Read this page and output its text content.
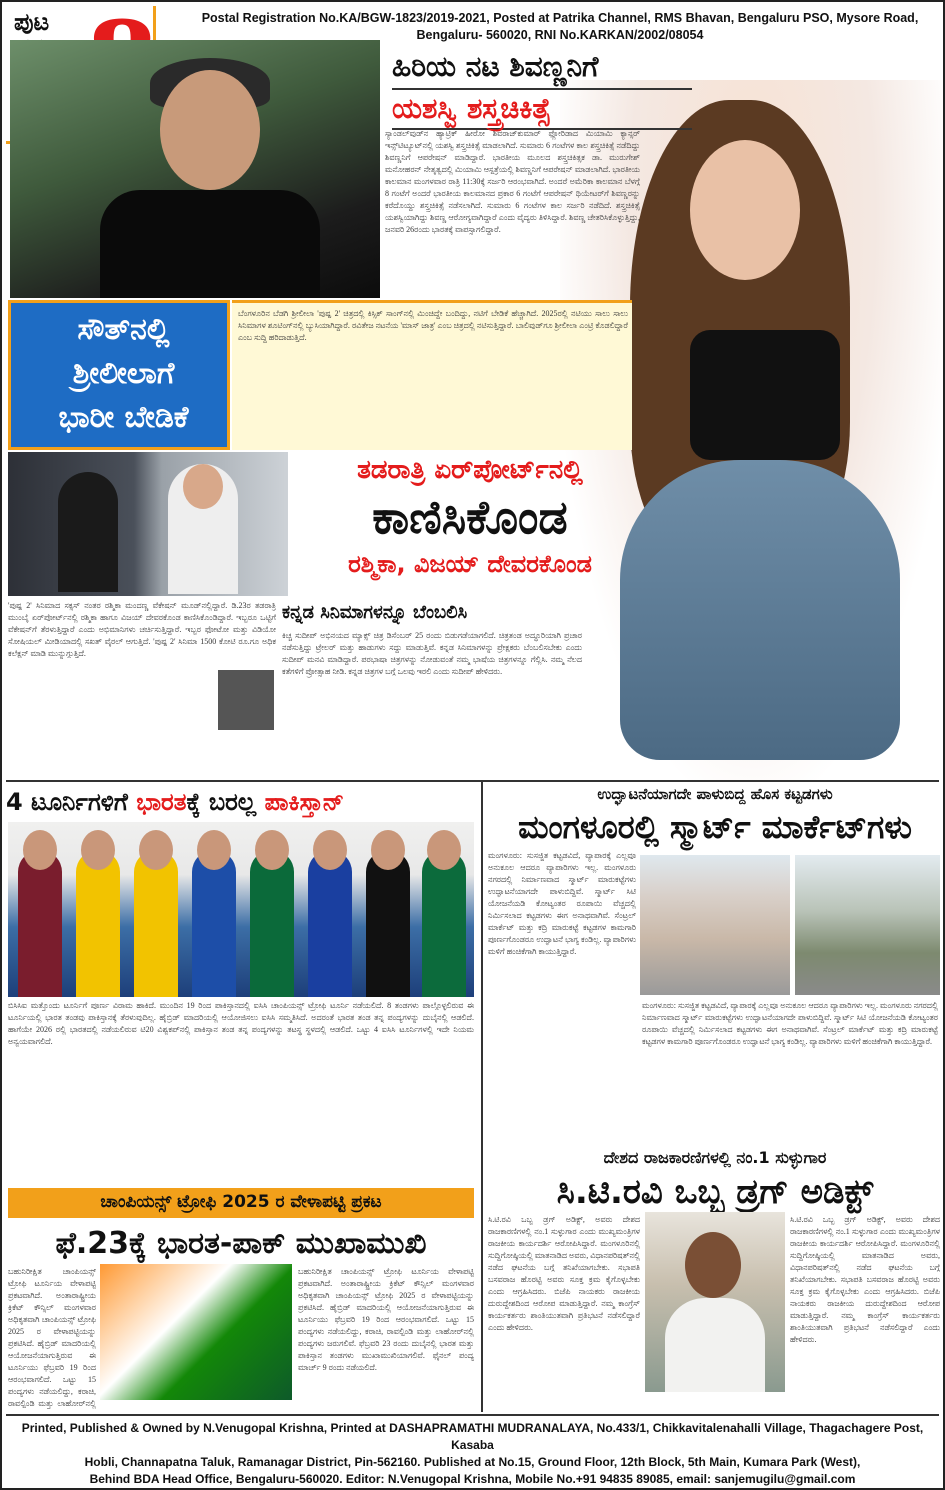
ಪುಟ	Postal Registration No.KA/BGW-1823/2019-2021, Posted at Patrika Channel, RMS Bhavan, Bengaluru PSO, Mysore Road,
Bengaluru- 560020, RNI No.KARKAN/2002/08054
ಹಿರಿಯ ನಟ ಶಿವಣ್ಣನಿಗೆ
ಯಶಸ್ವಿ ಶಸ್ತ್ರಚಿಕಿತ್ಸೆ
ಸ್ಯಾಂಡಲ್‌ವುಡ್‌ನ ಹ್ಯಾಟ್ರಿಕ್ ಹೀರೋ ಶಿವರಾಜ್‌ಕುಮಾರ್ ಫ್ಲೋರಿಡಾದ ಮಿಯಾಮಿ ಕ್ಯಾನ್ಸರ್ ಇನ್ಸ್‌ಟಿಟ್ಯೂಟ್‌ನಲ್ಲಿ ಯಶಸ್ವಿ ಶಸ್ತ್ರಚಿಕಿತ್ಸೆ ಮಾಡಲಾಗಿದೆ. ಸುಮಾರು 6 ಗಂಟೆಗಳ ಕಾಲ ಶಸ್ತ್ರಚಿಕಿತ್ಸೆ ನಡೆದಿದ್ದು ಶಿವಣ್ಣನಿಗೆ ಆಪರೇಷನ್ ಮಾಡಿದ್ದಾರೆ. ಭಾರತೀಯ ಮೂಲದ ಶಸ್ತ್ರಚಿಕಿತ್ಸಕ ಡಾ. ಮುರುಗೇಶ್ ಮನೋಹರನ್ ನೇತೃತ್ವದಲ್ಲಿ ಮಿಯಾಮಿ ಆಸ್ಪತ್ರೆಯಲ್ಲಿ ಶಿವಣ್ಣನಿಗೆ ಆಪರೇಷನ್ ಮಾಡಲಾಗಿದೆ. ಭಾರತೀಯ ಕಾಲಮಾನ ಮಂಗಳವಾರ ರಾತ್ರಿ 11:30ಕ್ಕೆ ಸರ್ಜರಿ ಆರಂಭವಾಗಿದೆ. ಅಂದರೆ ಅಮೆರಿಕಾ ಕಾಲಮಾನ ಬೆಳಗ್ಗೆ 8 ಗಂಟೆಗೆ ಅಂದರೆ ಭಾರತೀಯ ಕಾಲಮಾನದ ಪ್ರಕಾರ 6 ಗಂಟೆಗೆ ಆಪರೇಷನ್ ಥಿಯೇಟರ್‌ಗೆ ಶಿವಣ್ಣರನ್ನು ಕರೆದೊಯ್ದು ಶಸ್ತ್ರಚಿಕಿತ್ಸೆ ನಡೆಸಲಾಗಿದೆ. ಸುಮಾರು 6 ಗಂಟೆಗಳ ಕಾಲ ಸರ್ಜರಿ ನಡೆದಿದೆ. ಶಸ್ತ್ರಚಿಕಿತ್ಸೆ ಯಶಸ್ವಿಯಾಗಿದ್ದು ಶಿವಣ್ಣ ಆರೋಗ್ಯವಾಗಿದ್ದಾರೆ ಎಂದು ವೈದ್ಯರು ತಿಳಿಸಿದ್ದಾರೆ. ಶಿವಣ್ಣ ಚೇತರಿಸಿಕೊಳ್ಳುತ್ತಿದ್ದು, ಜನವರಿ 26ರಂದು ಭಾರತಕ್ಕೆ ವಾಪಸ್ಸಾಗಲಿದ್ದಾರೆ.
ಸೌತ್‌ನಲ್ಲಿ
ಶ್ರೀಲೀಲಾಗೆ
ಭಾರೀ ಬೇಡಿಕೆ
ಬೆಂಗಳೂರಿನ ಬೆಡಗಿ ಶ್ರೀಲೀಲಾ 'ಪುಷ್ಪ 2' ಚಿತ್ರದಲ್ಲಿ ಕಿಸ್ಸಿಕ್ ಸಾಂಗ್‌ನಲ್ಲಿ ಮಿಂಚಿದ್ದೇ ಬಂದಿದ್ದು, ನಟಿಗೆ ಬೇಡಿಕೆ ಹೆಚ್ಚಾಗಿದೆ. 2025ರಲ್ಲಿ ನಟಿಯು ಸಾಲು ಸಾಲು ಸಿನಿಮಾಗಳ ಶೂಟಿಂಗ್‌ನಲ್ಲಿ ಬ್ಯುಸಿಯಾಗಿದ್ದಾರೆ. ರವಿತೇಜ ನಟನೆಯ 'ಮಾಸ್ ಜಾತ್ರ' ಎಂಬ ಚಿತ್ರದಲ್ಲಿ ನಟಿಸುತ್ತಿದ್ದಾರೆ. ಬಾಲಿವುಡ್‌ಗೂ ಶ್ರೀಲೀಲಾ ಎಂಟ್ರಿ ಕೊಡಲಿದ್ದಾರೆ ಎಂಬ ಸುದ್ದಿ ಹರಿದಾಡುತ್ತಿದೆ.
ತಡರಾತ್ರಿ ಏರ್‌ಪೋರ್ಟ್‌ನಲ್ಲಿ
ಕಾಣಿಸಿಕೊಂಡ
ರಶ್ಮಿಕಾ, ವಿಜಯ್ ದೇವರಕೊಂಡ
'ಪುಷ್ಪ 2' ಸಿನಿಮಾದ ಸಕ್ಸಸ್ ನಂತರ ರಶ್ಮಿಕಾ ಮಂದಣ್ಣ ವೆಕೇಷನ್ ಮೂಡ್‌ನಲ್ಲಿದ್ದಾರೆ. ಡಿ.23ರ ತಡರಾತ್ರಿ ಮುಂಬೈ ಏರ್‌ಪೋರ್ಟ್‌ನಲ್ಲಿ ರಶ್ಮಿಕಾ ಹಾಗೂ ವಿಜಯ್ ದೇವರಕೊಂಡ ಕಾಣಿಸಿಕೊಂಡಿದ್ದಾರೆ. ಇಬ್ಬರೂ ಒಟ್ಟಿಗೆ ವೆಕೇಷನ್‌ಗೆ ತೆರಳುತ್ತಿದ್ದಾರೆ ಎಂದು ಅಭಿಮಾನಿಗಳು ಚರ್ಚಿಸುತ್ತಿದ್ದಾರೆ. ಇಬ್ಬರ ಫೋಟೋ ಮತ್ತು ವಿಡಿಯೋ ಸೋಷಿಯಲ್ ಮೀಡಿಯಾದಲ್ಲಿ ಸಖತ್ ವೈರಲ್ ಆಗುತ್ತಿದೆ. 'ಪುಷ್ಪ 2' ಸಿನಿಮಾ 1500 ಕೋಟಿ ರೂ.ಗೂ ಅಧಿಕ ಕಲೆಕ್ಷನ್ ಮಾಡಿ ಮುನ್ನುಗ್ಗುತ್ತಿದೆ.
ಕನ್ನಡ ಸಿನಿಮಾಗಳನ್ನೂ ಬೆಂಬಲಿಸಿ
ಕಿಚ್ಚ ಸುದೀಪ್ ಅಭಿನಯದ ಮ್ಯಾಕ್ಸ್ ಚಿತ್ರ ಡಿಸೆಂಬರ್ 25 ರಂದು ಬಿಡುಗಡೆಯಾಗಲಿದೆ. ಚಿತ್ರತಂಡ ಅದ್ಧೂರಿಯಾಗಿ ಪ್ರಚಾರ ನಡೆಸುತ್ತಿದ್ದು ಟ್ರೇಲರ್ ಮತ್ತು ಹಾಡುಗಳು ಸದ್ದು ಮಾಡುತ್ತಿವೆ. ಕನ್ನಡ ಸಿನಿಮಾಗಳನ್ನು ಪ್ರೇಕ್ಷಕರು ಬೆಂಬಲಿಸಬೇಕು ಎಂದು ಸುದೀಪ್ ಮನವಿ ಮಾಡಿದ್ದಾರೆ. ಪರಭಾಷಾ ಚಿತ್ರಗಳನ್ನು ನೋಡುವಂತೆ ನಮ್ಮ ಭಾಷೆಯ ಚಿತ್ರಗಳನ್ನೂ ಗೆಲ್ಲಿಸಿ. ನಮ್ಮ ನೆಲದ ಕತೆಗಳಿಗೆ ಪ್ರೋತ್ಸಾಹ ನೀಡಿ. ಕನ್ನಡ ಚಿತ್ರಗಳ ಬಗ್ಗೆ ಒಲವು ಇರಲಿ ಎಂದು ಸುದೀಪ್ ಹೇಳಿದರು.
4 ಟೂರ್ನಿಗಳಿಗೆ ಭಾರತಕ್ಕೆ ಬರಲ್ಲ ಪಾಕಿಸ್ತಾನ್
ಬಿಸಿಸಿಐ ಮತ್ತೊಂದು ಟೂರ್ನಿಗೆ ಪೂರ್ಣ ವಿರಾಮ ಹಾಕಿದೆ. ಮುಂದಿನ 19 ರಿಂದ ಪಾಕಿಸ್ತಾನದಲ್ಲಿ ಐಸಿಸಿ ಚಾಂಪಿಯನ್ಸ್ ಟ್ರೋಫಿ ಟೂರ್ನಿ ನಡೆಯಲಿದೆ. 8 ತಂಡಗಳು ಪಾಲ್ಗೊಳ್ಳಲಿರುವ ಈ ಟೂರ್ನಿಯಲ್ಲಿ ಭಾರತ ತಂಡವು ಪಾಕಿಸ್ತಾನಕ್ಕೆ ತೆರಳುವುದಿಲ್ಲ. ಹೈಬ್ರಿಡ್ ಮಾದರಿಯಲ್ಲಿ ಆಯೋಜಿಸಲು ಐಸಿಸಿ ಸಮ್ಮತಿಸಿದೆ. ಅದರಂತೆ ಭಾರತ ತಂಡ ತನ್ನ ಪಂದ್ಯಗಳನ್ನು ದುಬೈನಲ್ಲಿ ಆಡಲಿದೆ. ಹಾಗೆಯೇ 2026 ರಲ್ಲಿ ಭಾರತದಲ್ಲಿ ನಡೆಯಲಿರುವ ಟಿ20 ವಿಶ್ವಕಪ್‌ನಲ್ಲಿ ಪಾಕಿಸ್ತಾನ ತಂಡ ತನ್ನ ಪಂದ್ಯಗಳನ್ನು ತಟಸ್ಥ ಸ್ಥಳದಲ್ಲಿ ಆಡಲಿದೆ. ಒಟ್ಟು 4 ಐಸಿಸಿ ಟೂರ್ನಿಗಳಲ್ಲಿ ಇದೇ ನಿಯಮ ಅನ್ವಯವಾಗಲಿದೆ.
ಚಾಂಪಿಯನ್ಸ್ ಟ್ರೋಫಿ 2025 ರ ವೇಳಾಪಟ್ಟಿ ಪ್ರಕಟ
ಫೆ.23ಕ್ಕೆ ಭಾರತ-ಪಾಕ್ ಮುಖಾಮುಖಿ
ಬಹುನಿರೀಕ್ಷಿತ ಚಾಂಪಿಯನ್ಸ್ ಟ್ರೋಫಿ ಟೂರ್ನಿಯ ವೇಳಾಪಟ್ಟಿ ಪ್ರಕಟವಾಗಿದೆ. ಅಂತಾರಾಷ್ಟ್ರೀಯ ಕ್ರಿಕೆಟ್ ಕೌನ್ಸಿಲ್ ಮಂಗಳವಾರ ಅಧಿಕೃತವಾಗಿ ಚಾಂಪಿಯನ್ಸ್ ಟ್ರೋಫಿ 2025 ರ ವೇಳಾಪಟ್ಟಿಯನ್ನು ಪ್ರಕಟಿಸಿದೆ. ಹೈಬ್ರಿಡ್ ಮಾದರಿಯಲ್ಲಿ ಆಯೋಜನೆಯಾಗುತ್ತಿರುವ ಈ ಟೂರ್ನಿಯು ಫೆಬ್ರವರಿ 19 ರಿಂದ ಆರಂಭವಾಗಲಿದೆ. ಒಟ್ಟು 15 ಪಂದ್ಯಗಳು ನಡೆಯಲಿದ್ದು, ಕರಾಚಿ, ರಾವಲ್ಪಿಂಡಿ ಮತ್ತು ಲಾಹೋರ್‌ನಲ್ಲಿ
ಬಹುನಿರೀಕ್ಷಿತ ಚಾಂಪಿಯನ್ಸ್ ಟ್ರೋಫಿ ಟೂರ್ನಿಯ ವೇಳಾಪಟ್ಟಿ ಪ್ರಕಟವಾಗಿದೆ. ಅಂತಾರಾಷ್ಟ್ರೀಯ ಕ್ರಿಕೆಟ್ ಕೌನ್ಸಿಲ್ ಮಂಗಳವಾರ ಅಧಿಕೃತವಾಗಿ ಚಾಂಪಿಯನ್ಸ್ ಟ್ರೋಫಿ 2025 ರ ವೇಳಾಪಟ್ಟಿಯನ್ನು ಪ್ರಕಟಿಸಿದೆ. ಹೈಬ್ರಿಡ್ ಮಾದರಿಯಲ್ಲಿ ಆಯೋಜನೆಯಾಗುತ್ತಿರುವ ಈ ಟೂರ್ನಿಯು ಫೆಬ್ರವರಿ 19 ರಿಂದ ಆರಂಭವಾಗಲಿದೆ. ಒಟ್ಟು 15 ಪಂದ್ಯಗಳು ನಡೆಯಲಿದ್ದು, ಕರಾಚಿ, ರಾವಲ್ಪಿಂಡಿ ಮತ್ತು ಲಾಹೋರ್‌ನಲ್ಲಿ ಪಂದ್ಯಗಳು ಜರುಗಲಿವೆ. ಫೆಬ್ರವರಿ 23 ರಂದು ದುಬೈನಲ್ಲಿ ಭಾರತ ಮತ್ತು ಪಾಕಿಸ್ತಾನ ತಂಡಗಳು ಮುಖಾಮುಖಿಯಾಗಲಿವೆ. ಫೈನಲ್ ಪಂದ್ಯ ಮಾರ್ಚ್ 9 ರಂದು ನಡೆಯಲಿದೆ.
ಉದ್ಘಾಟನೆಯಾಗದೇ ಪಾಳುಬಿದ್ದ ಹೊಸ ಕಟ್ಟಡಗಳು
ಮಂಗಳೂರಲ್ಲಿ ಸ್ಮಾರ್ಟ್ ಮಾರ್ಕೆಟ್‌ಗಳು
ಮಂಗಳೂರು: ಸುಸಜ್ಜಿತ ಕಟ್ಟಡವಿದೆ, ವ್ಯಾಪಾರಕ್ಕೆ ಎಲ್ಲವೂ ಅನುಕೂಲ ಆದರೂ ವ್ಯಾಪಾರಿಗಳು ಇಲ್ಲ. ಮಂಗಳೂರು ನಗರದಲ್ಲಿ ನಿರ್ಮಾಣವಾದ ಸ್ಮಾರ್ಟ್ ಮಾರುಕಟ್ಟೆಗಳು ಉದ್ಘಾಟನೆಯಾಗದೇ ಪಾಳುಬಿದ್ದಿವೆ. ಸ್ಮಾರ್ಟ್ ಸಿಟಿ ಯೋಜನೆಯಡಿ ಕೋಟ್ಯಂತರ ರೂಪಾಯಿ ವೆಚ್ಚದಲ್ಲಿ ನಿರ್ಮಿಸಲಾದ ಕಟ್ಟಡಗಳು ಈಗ ಅನಾಥವಾಗಿವೆ. ಸೆಂಟ್ರಲ್ ಮಾರ್ಕೆಟ್ ಮತ್ತು ಕದ್ರಿ ಮಾರುಕಟ್ಟೆ ಕಟ್ಟಡಗಳ ಕಾಮಗಾರಿ ಪೂರ್ಣಗೊಂಡರೂ ಉದ್ಘಾಟನೆ ಭಾಗ್ಯ ಕಂಡಿಲ್ಲ. ವ್ಯಾಪಾರಿಗಳು ಮಳಿಗೆ ಹಂಚಿಕೆಗಾಗಿ ಕಾಯುತ್ತಿದ್ದಾರೆ.
ಮಂಗಳೂರು: ಸುಸಜ್ಜಿತ ಕಟ್ಟಡವಿದೆ, ವ್ಯಾಪಾರಕ್ಕೆ ಎಲ್ಲವೂ ಅನುಕೂಲ ಆದರೂ ವ್ಯಾಪಾರಿಗಳು ಇಲ್ಲ. ಮಂಗಳೂರು ನಗರದಲ್ಲಿ ನಿರ್ಮಾಣವಾದ ಸ್ಮಾರ್ಟ್ ಮಾರುಕಟ್ಟೆಗಳು ಉದ್ಘಾಟನೆಯಾಗದೇ ಪಾಳುಬಿದ್ದಿವೆ. ಸ್ಮಾರ್ಟ್ ಸಿಟಿ ಯೋಜನೆಯಡಿ ಕೋಟ್ಯಂತರ ರೂಪಾಯಿ ವೆಚ್ಚದಲ್ಲಿ ನಿರ್ಮಿಸಲಾದ ಕಟ್ಟಡಗಳು ಈಗ ಅನಾಥವಾಗಿವೆ. ಸೆಂಟ್ರಲ್ ಮಾರ್ಕೆಟ್ ಮತ್ತು ಕದ್ರಿ ಮಾರುಕಟ್ಟೆ ಕಟ್ಟಡಗಳ ಕಾಮಗಾರಿ ಪೂರ್ಣಗೊಂಡರೂ ಉದ್ಘಾಟನೆ ಭಾಗ್ಯ ಕಂಡಿಲ್ಲ. ವ್ಯಾಪಾರಿಗಳು ಮಳಿಗೆ ಹಂಚಿಕೆಗಾಗಿ ಕಾಯುತ್ತಿದ್ದಾರೆ.
ದೇಶದ ರಾಜಕಾರಣಿಗಳಲ್ಲಿ ನಂ.1 ಸುಳ್ಳುಗಾರ
ಸಿ.ಟಿ.ರವಿ ಒಬ್ಬ ಡ್ರಗ್ ಅಡಿಕ್ಟ್
ಸಿ.ಟಿ.ರವಿ ಒಬ್ಬ ಡ್ರಗ್ ಅಡಿಕ್ಟ್, ಅವರು ದೇಶದ ರಾಜಕಾರಣಿಗಳಲ್ಲಿ ನಂ.1 ಸುಳ್ಳುಗಾರ ಎಂದು ಮುಖ್ಯಮಂತ್ರಿಗಳ ರಾಜಕೀಯ ಕಾರ್ಯದರ್ಶಿ ಆರೋಪಿಸಿದ್ದಾರೆ. ಮಂಗಳೂರಿನಲ್ಲಿ ಸುದ್ದಿಗೋಷ್ಠಿಯಲ್ಲಿ ಮಾತನಾಡಿದ ಅವರು, ವಿಧಾನಪರಿಷತ್‌ನಲ್ಲಿ ನಡೆದ ಘಟನೆಯ ಬಗ್ಗೆ ತನಿಖೆಯಾಗಬೇಕು. ಸಭಾಪತಿ ಬಸವರಾಜ ಹೊರಟ್ಟಿ ಅವರು ಸೂಕ್ತ ಕ್ರಮ ಕೈಗೊಳ್ಳಬೇಕು ಎಂದು ಆಗ್ರಹಿಸಿದರು. ಬಿಜೆಪಿ ನಾಯಕರು ರಾಜಕೀಯ ದುರುದ್ದೇಶದಿಂದ ಆರೋಪ ಮಾಡುತ್ತಿದ್ದಾರೆ. ನಮ್ಮ ಕಾಂಗ್ರೆಸ್ ಕಾರ್ಯಕರ್ತರು ಶಾಂತಿಯುತವಾಗಿ ಪ್ರತಿಭಟನೆ ನಡೆಸಲಿದ್ದಾರೆ ಎಂದು ಹೇಳಿದರು.
ಸಿ.ಟಿ.ರವಿ ಒಬ್ಬ ಡ್ರಗ್ ಅಡಿಕ್ಟ್, ಅವರು ದೇಶದ ರಾಜಕಾರಣಿಗಳಲ್ಲಿ ನಂ.1 ಸುಳ್ಳುಗಾರ ಎಂದು ಮುಖ್ಯಮಂತ್ರಿಗಳ ರಾಜಕೀಯ ಕಾರ್ಯದರ್ಶಿ ಆರೋಪಿಸಿದ್ದಾರೆ. ಮಂಗಳೂರಿನಲ್ಲಿ ಸುದ್ದಿಗೋಷ್ಠಿಯಲ್ಲಿ ಮಾತನಾಡಿದ ಅವರು, ವಿಧಾನಪರಿಷತ್‌ನಲ್ಲಿ ನಡೆದ ಘಟನೆಯ ಬಗ್ಗೆ ತನಿಖೆಯಾಗಬೇಕು. ಸಭಾಪತಿ ಬಸವರಾಜ ಹೊರಟ್ಟಿ ಅವರು ಸೂಕ್ತ ಕ್ರಮ ಕೈಗೊಳ್ಳಬೇಕು ಎಂದು ಆಗ್ರಹಿಸಿದರು. ಬಿಜೆಪಿ ನಾಯಕರು ರಾಜಕೀಯ ದುರುದ್ದೇಶದಿಂದ ಆರೋಪ ಮಾಡುತ್ತಿದ್ದಾರೆ. ನಮ್ಮ ಕಾಂಗ್ರೆಸ್ ಕಾರ್ಯಕರ್ತರು ಶಾಂತಿಯುತವಾಗಿ ಪ್ರತಿಭಟನೆ ನಡೆಸಲಿದ್ದಾರೆ ಎಂದು ಹೇಳಿದರು.
Printed, Published & Owned by N.Venugopal Krishna, Printed at DASHAPRAMATHI MUDRANALAYA, No.433/1, Chikkavitalenahalli Village, Thagachagere Post, Kasaba
Hobli, Channapatna Taluk, Ramanagar District, Pin-562160. Published at No.15, Ground Floor, 12th Block, 5th Main, Kumara Park (West),
Behind BDA Head Office, Bengaluru-560020. Editor: N.Venugopal Krishna, Mobile No.+91 94835 89085, email: sanjemugilu@gmail.com
